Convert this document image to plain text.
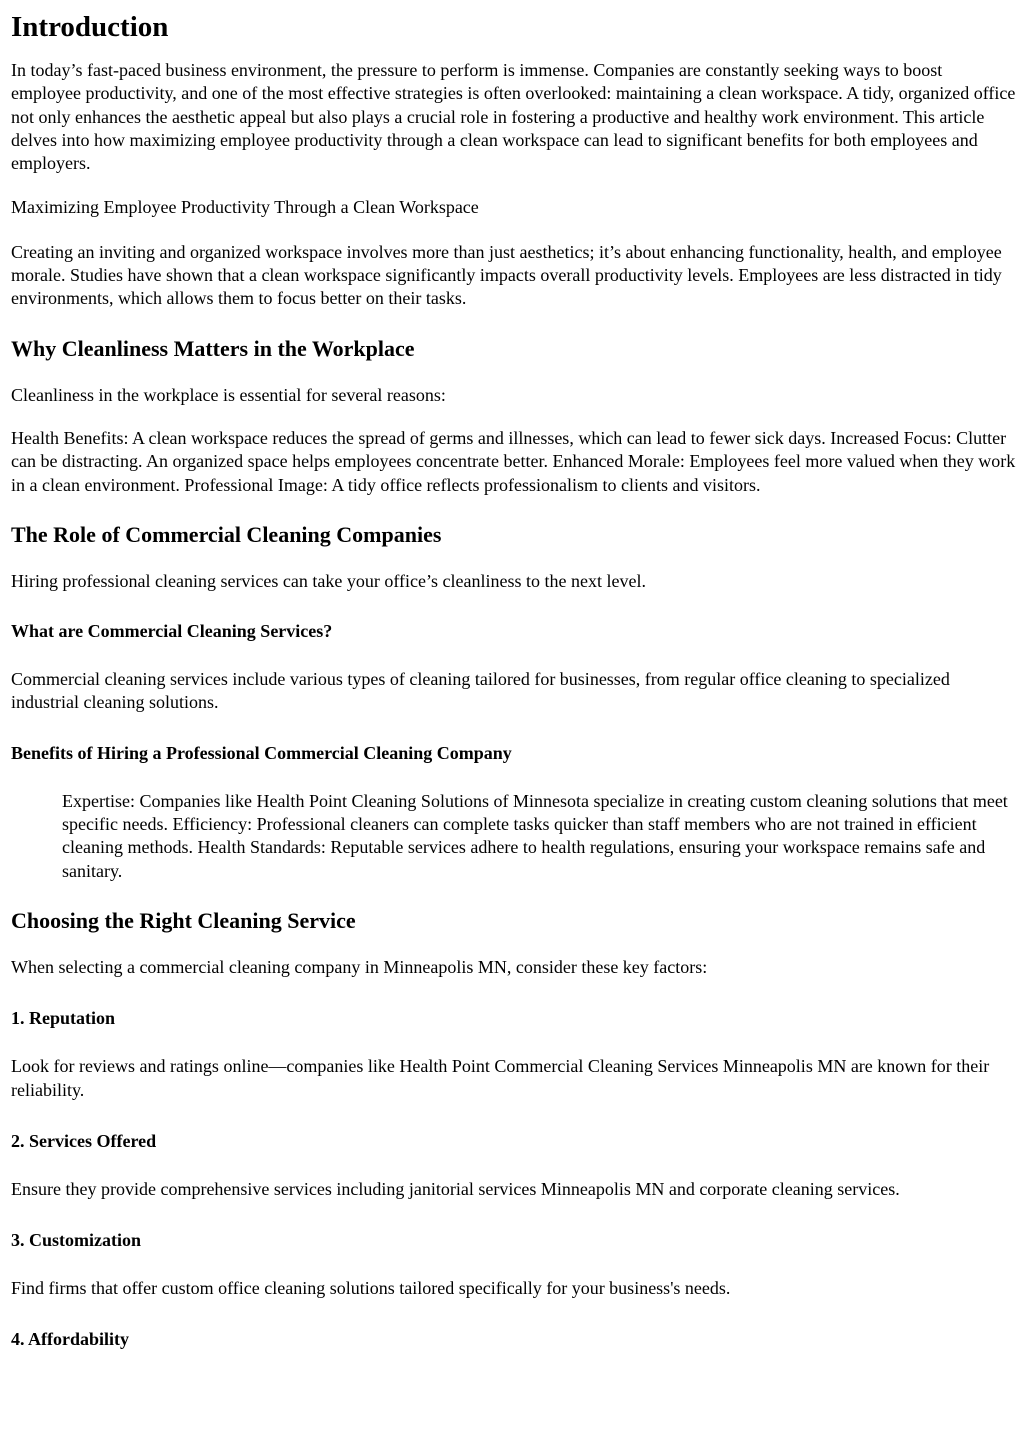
Introduction

In today’s fast-paced business environment, the pressure to perform is immense. Companies are constantly seeking ways to boost employee productivity, and one of the most effective strategies is often overlooked: maintaining a clean workspace. A tidy, organized office not only enhances the aesthetic appeal but also plays a crucial role in fostering a productive and healthy work environment. This article delves into how maximizing employee productivity through a clean workspace can lead to significant benefits for both employees and employers.

Maximizing Employee Productivity Through a Clean Workspace

Creating an inviting and organized workspace involves more than just aesthetics; it’s about enhancing functionality, health, and employee morale. Studies have shown that a clean workspace significantly impacts overall productivity levels. Employees are less distracted in tidy environments, which allows them to focus better on their tasks.

Why Cleanliness Matters in the Workplace

Cleanliness in the workplace is essential for several reasons:

Health Benefits: A clean workspace reduces the spread of germs and illnesses, which can lead to fewer sick days. Increased Focus: Clutter can be distracting. An organized space helps employees concentrate better. Enhanced Morale: Employees feel more valued when they work in a clean environment. Professional Image: A tidy office reflects professionalism to clients and visitors.

The Role of Commercial Cleaning Companies

Hiring professional cleaning services can take your office’s cleanliness to the next level.

What are Commercial Cleaning Services?

Commercial cleaning services include various types of cleaning tailored for businesses, from regular office cleaning to specialized industrial cleaning solutions.

Benefits of Hiring a Professional Commercial Cleaning Company

Expertise: Companies like Health Point Cleaning Solutions of Minnesota specialize in creating custom cleaning solutions that meet specific needs. Efficiency: Professional cleaners can complete tasks quicker than staff members who are not trained in efficient cleaning methods. Health Standards: Reputable services adhere to health regulations, ensuring your workspace remains safe and sanitary.

Choosing the Right Cleaning Service

When selecting a commercial cleaning company in Minneapolis MN, consider these key factors:

1. Reputation

Look for reviews and ratings online—companies like Health Point Commercial Cleaning Services Minneapolis MN are known for their reliability.

2. Services Offered

Ensure they provide comprehensive services including janitorial services Minneapolis MN and corporate cleaning services.

3. Customization

Find firms that offer custom office cleaning solutions tailored specifically for your business's needs.

4. Affordability
